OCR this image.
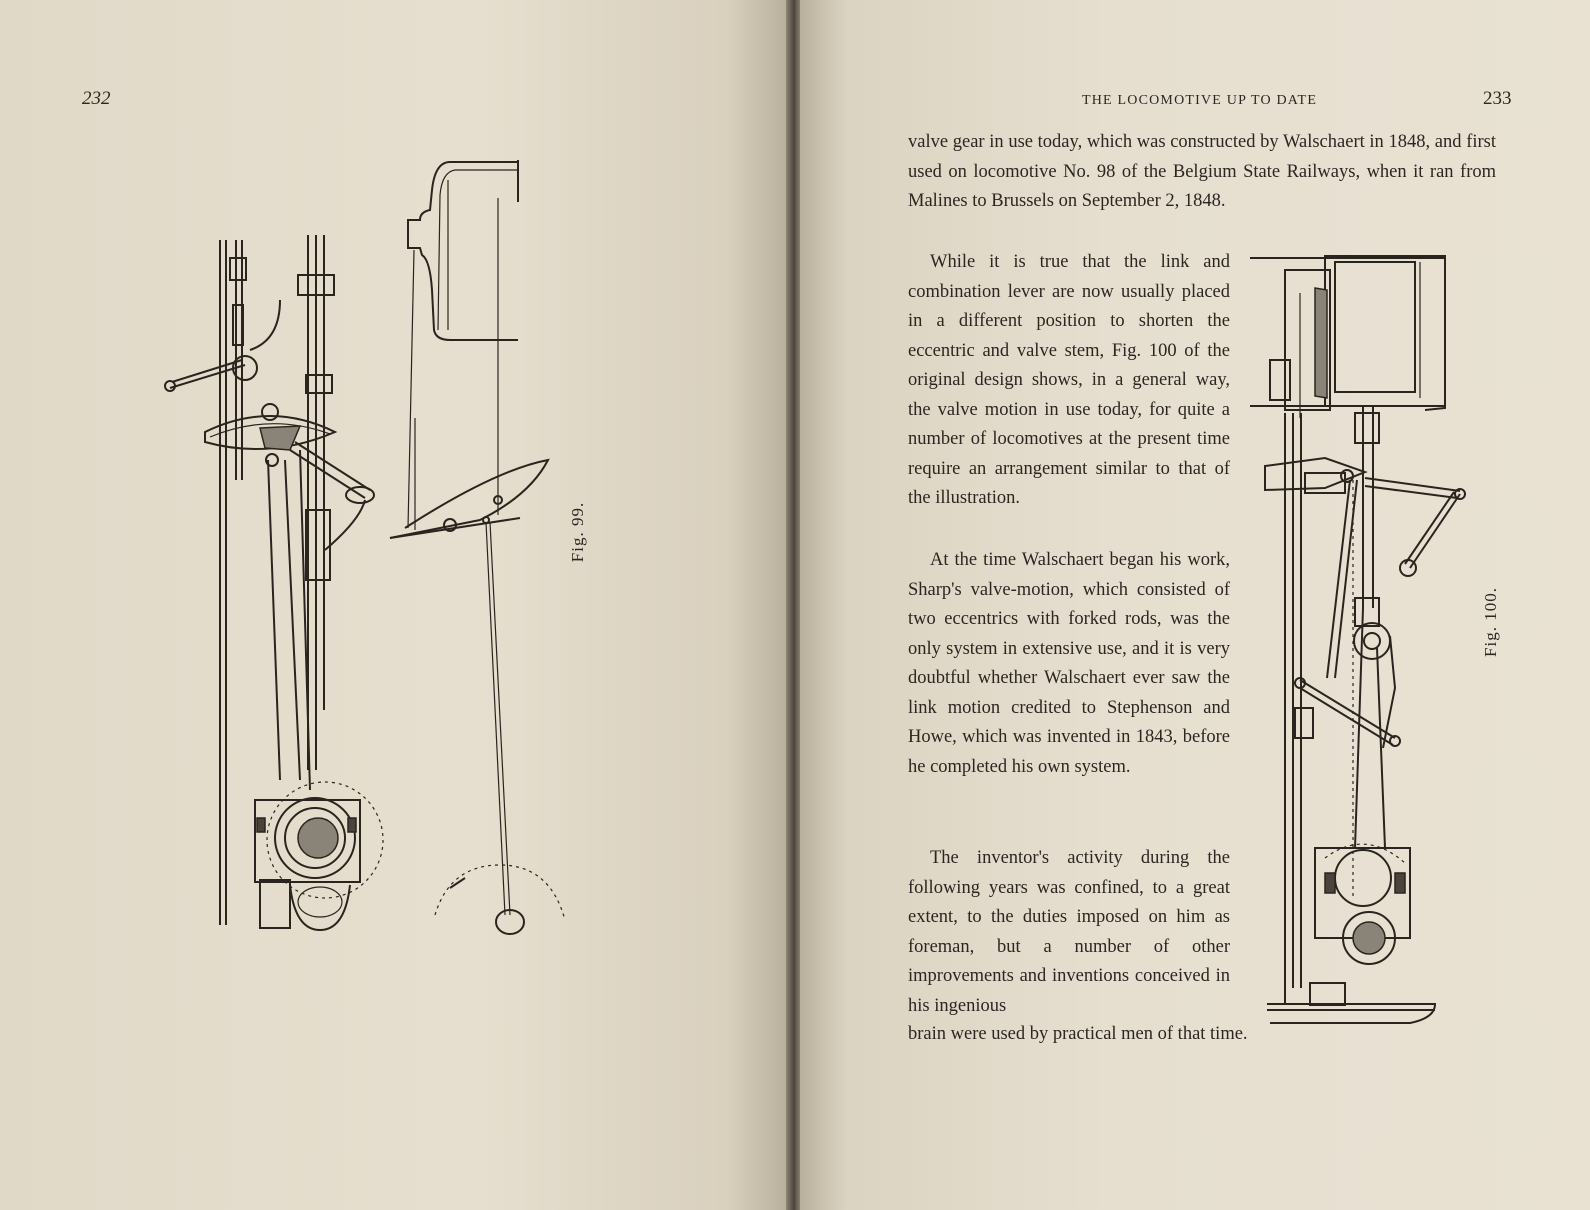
232
Fig. 99.
THE LOCOMOTIVE UP TO DATE	233
valve gear in use today, which was constructed by Walschaert in 1848, and first used on locomotive No. 98 of the Belgium State Railways, when it ran from Malines to Brussels on September 2, 1848.
While it is true that the link and combination lever are now usually placed in a different position to shorten the eccentric and valve stem, Fig. 100 of the original design shows, in a general way, the valve motion in use today, for quite a number of locomotives at the present time require an arrangement similar to that of the illustration.
At the time Walschaert began his work, Sharp's valve-motion, which consisted of two eccentrics with forked rods, was the only system in extensive use, and it is very doubtful whether Walschaert ever saw the link motion credited to Stephenson and Howe, which was invented in 1843, before he completed his own system.
The inventor's activity during the following years was confined, to a great extent, to the duties imposed on him as foreman, but a number of other improvements and inventions conceived in his ingenious
brain were used by practical men of that time.
Fig. 100.
